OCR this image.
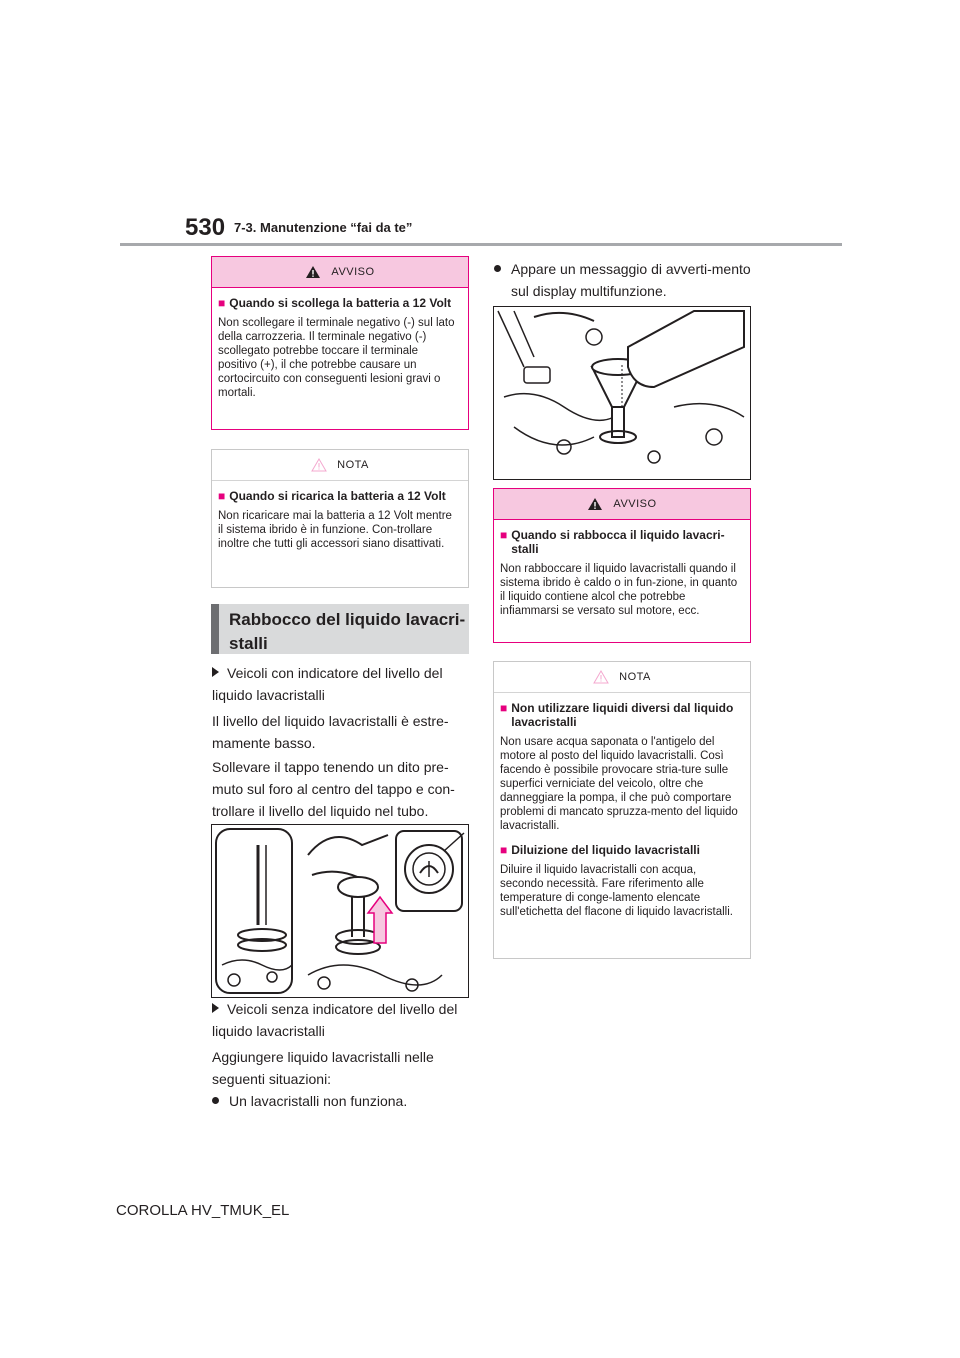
530 7-3. Manutenzione “fai da te”
AVVISO
■ Quando si scollega la batteria a 12 Volt

Non scollegare il terminale negativo (-) sul lato della carrozzeria. Il terminale negativo (-) scollegato potrebbe toccare il terminale positivo (+), il che potrebbe causare un cortocircuito con conseguenti lesioni gravi o mortali.

NOTA
■ Quando si ricarica la batteria a 12 Volt

Non ricaricare mai la batteria a 12 Volt mentre il sistema ibrido è in funzione. Con-trollare inoltre che tutti gli accessori siano disattivati.

Rabbocco del liquido lavacri-stalli
Veicoli con indicatore del livello del liquido lavacristalli
Il livello del liquido lavacristalli è estre-mamente basso.
Sollevare il tappo tenendo un dito pre-muto sul foro al centro del tappo e con-trollare il livello del liquido nel tubo.
Veicoli senza indicatore del livello del liquido lavacristalli
Aggiungere liquido lavacristalli nelle seguenti situazioni:
Un lavacristalli non funziona.
Appare un messaggio di avverti-mento sul display multifunzione.
AVVISO
■ Quando si rabbocca il liquido lavacri-stalli

Non rabboccare il liquido lavacristalli quando il sistema ibrido è caldo o in fun-zione, in quanto il liquido contiene alcol che potrebbe infiammarsi se versato sul motore, ecc.

NOTA
■ Non utilizzare liquidi diversi dal liquido lavacristalli

Non usare acqua saponata o l'antigelo del motore al posto del liquido lavacristalli. Così facendo è possibile provocare stria-ture sulle superfici verniciate del veicolo, oltre che danneggiare la pompa, il che può comportare problemi di mancato spruzza-mento del liquido lavacristalli.

■ Diluizione del liquido lavacristalli

Diluire il liquido lavacristalli con acqua, secondo necessità. Fare riferimento alle temperature di conge-lamento elencate sull'etichetta del flacone di liquido lavacristalli.

COROLLA HV_TMUK_EL
